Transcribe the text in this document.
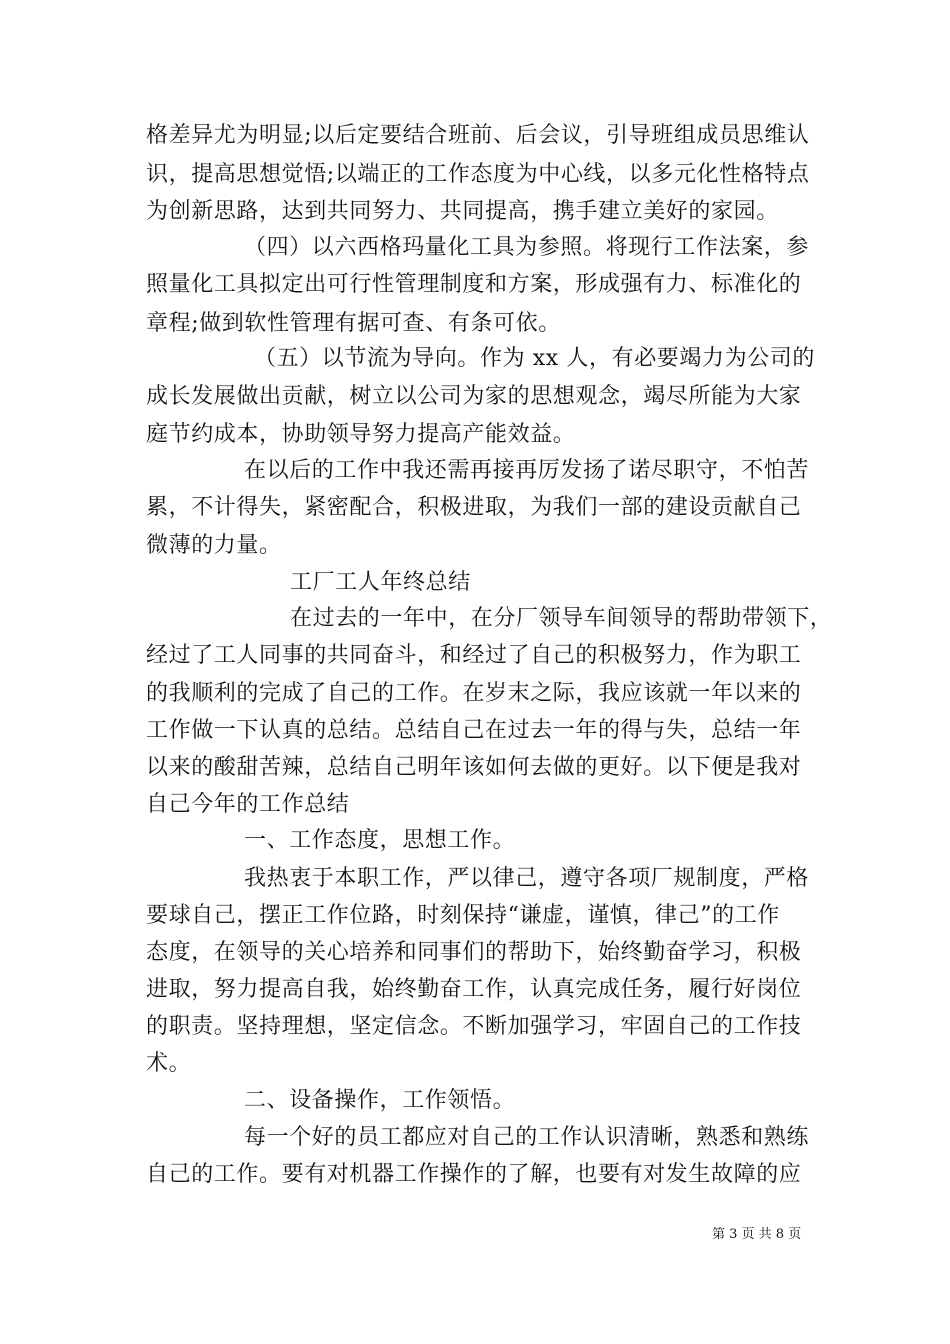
格差异尤为明显;以后定要结合班前、后会议，引导班组成员思维认
识，提高思想觉悟;以端正的工作态度为中心线，以多元化性格特点
为创新思路，达到共同努力、共同提高，携手建立美好的家园。
（四）以六西格玛量化工具为参照。将现行工作法案，参
照量化工具拟定出可行性管理制度和方案，形成强有力、标准化的
章程;做到软性管理有据可查、有条可依。
（五）以节流为导向。作为 xx 人，有必要竭力为公司的
成长发展做出贡献，树立以公司为家的思想观念，竭尽所能为大家
庭节约成本，协助领导努力提高产能效益。
在以后的工作中我还需再接再厉发扬了诺尽职守，不怕苦
累，不计得失，紧密配合，积极进取，为我们一部的建设贡献自己
微薄的力量。
工厂工人年终总结
在过去的一年中，在分厂领导车间领导的帮助带领下，
经过了工人同事的共同奋斗，和经过了自己的积极努力，作为职工
的我顺利的完成了自己的工作。在岁末之际，我应该就一年以来的
工作做一下认真的总结。总结自己在过去一年的得与失，总结一年
以来的酸甜苦辣，总结自己明年该如何去做的更好。以下便是我对
自己今年的工作总结
一、工作态度，思想工作。
我热衷于本职工作，严以律己，遵守各项厂规制度，严格
要球自己，摆正工作位路，时刻保持“谦虚，谨慎，律己”的工作
态度，在领导的关心培养和同事们的帮助下，始终勤奋学习，积极
进取，努力提高自我，始终勤奋工作，认真完成任务，履行好岗位
的职责。坚持理想，坚定信念。不断加强学习，牢固自己的工作技
术。
二、设备操作，工作领悟。
每一个好的员工都应对自己的工作认识清晰，熟悉和熟练
自己的工作。要有对机器工作操作的了解，也要有对发生故障的应
第 3 页 共 8 页
